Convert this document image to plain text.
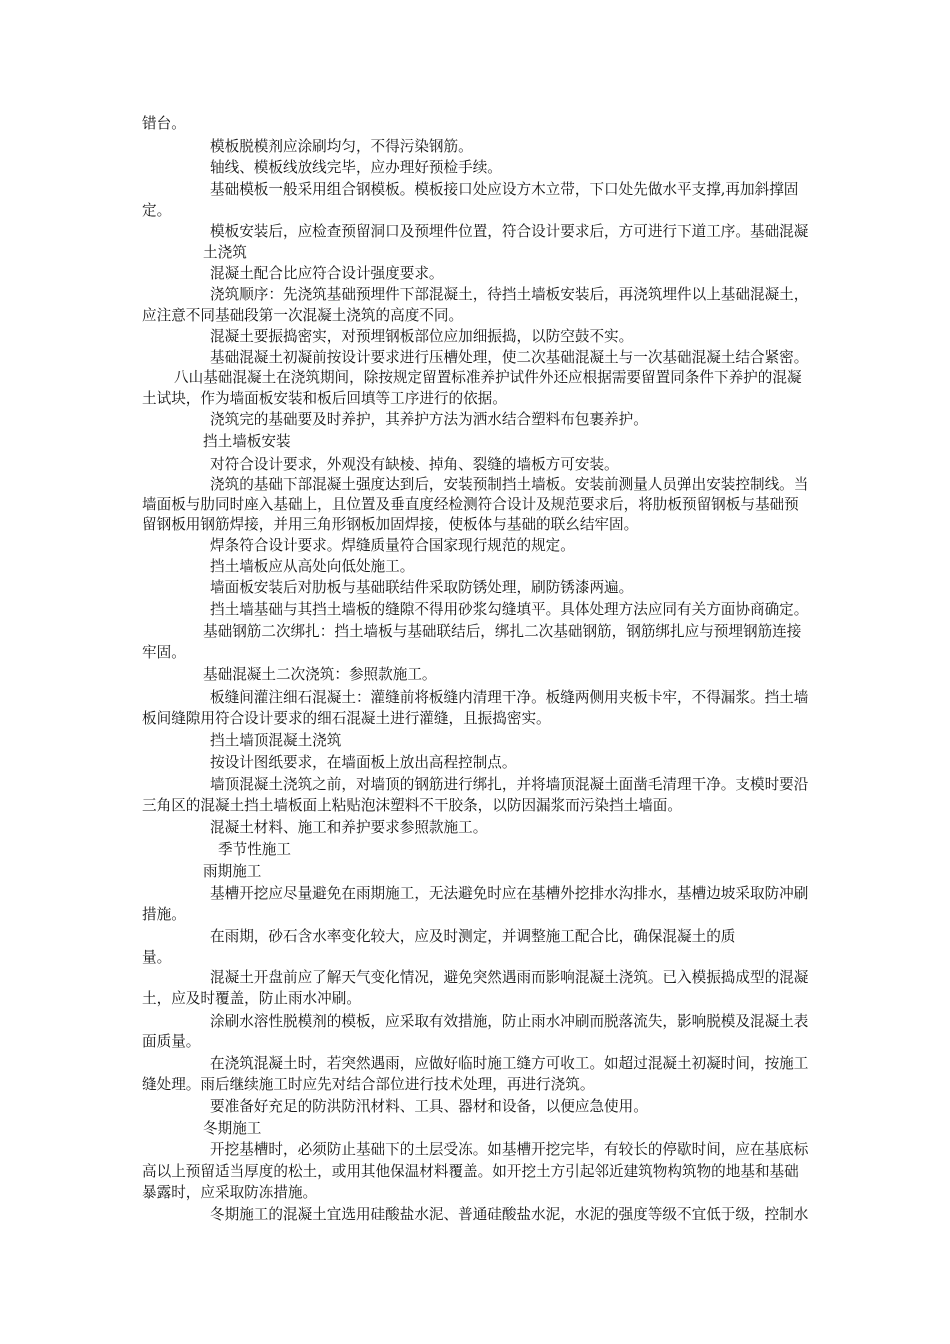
错台。
模板脱模剂应涂刷均匀，不得污染钢筋。
轴线、模板线放线完毕，应办理好预检手续。
基础模板一般采用组合钢模板。模板接口处应设方木立带，下口处先做水平支撑,再加斜撑固
定。
模板安装后，应检查预留洞口及预埋件位置，符合设计要求后，方可进行下道工序。基础混凝
土浇筑
混凝土配合比应符合设计强度要求。
浇筑顺序：先浇筑基础预埋件下部混凝土，待挡土墙板安装后，再浇筑埋件以上基础混凝土，
应注意不同基础段第一次混凝土浇筑的高度不同。
混凝土要振捣密实，对预埋钢板部位应加细振捣，以防空鼓不实。
基础混凝土初凝前按设计要求进行压槽处理，使二次基础混凝土与一次基础混凝土结合紧密。
八山基础混凝土在浇筑期间，除按规定留置标准养护试件外还应根据需要留置同条件下养护的混凝
土试块，作为墙面板安装和板后回填等工序进行的依据。
浇筑完的基础要及时养护，其养护方法为洒水结合塑料布包裹养护。
挡土墙板安装
对符合设计要求，外观没有缺棱、掉角、裂缝的墙板方可安装。
浇筑的基础下部混凝土强度达到后，安装预制挡土墙板。安装前测量人员弹出安装控制线。当
墙面板与肋同时座入基础上，且位置及垂直度经检测符合设计及规范要求后，将肋板预留钢板与基础预
留钢板用钢筋焊接，并用三角形钢板加固焊接，使板体与基础的联幺结牢固。
焊条符合设计要求。焊缝质量符合国家现行规范的规定。
挡土墙板应从高处向低处施工。
墙面板安装后对肋板与基础联结件采取防锈处理，刷防锈漆两遍。
挡土墙基础与其挡土墙板的缝隙不得用砂浆勾缝填平。具体处理方法应同有关方面协商确定。
基础钢筋二次绑扎：挡土墙板与基础联结后，绑扎二次基础钢筋，钢筋绑扎应与预埋钢筋连接
牢固。
基础混凝土二次浇筑：参照款施工。
板缝间灌注细石混凝土：灌缝前将板缝内清理干净。板缝两侧用夹板卡牢，不得漏浆。挡土墙
板间缝隙用符合设计要求的细石混凝土进行灌缝，且振捣密实。
挡土墙顶混凝土浇筑
按设计图纸要求，在墙面板上放出高程控制点。
墙顶混凝土浇筑之前，对墙顶的钢筋进行绑扎，并将墙顶混凝土面凿毛清理干净。支模时要沿
三角区的混凝土挡土墙板面上粘贴泡沫塑料不干胶条，以防因漏浆而污染挡土墙面。
混凝土材料、施工和养护要求参照款施工。
季节性施工
雨期施工
基槽开挖应尽量避免在雨期施工，无法避免时应在基槽外挖排水沟排水，基槽边坡采取防冲刷
措施。
在雨期，砂石含水率变化较大，应及时测定，并调整施工配合比，确保混凝土的质
量。
混凝土开盘前应了解天气变化情况，避免突然遇雨而影响混凝土浇筑。已入模振捣成型的混凝
土，应及时覆盖，防止雨水冲刷。
涂刷水溶性脱模剂的模板，应采取有效措施，防止雨水冲刷而脱落流失，影响脱模及混凝土表
面质量。
在浇筑混凝土时，若突然遇雨，应做好临时施工缝方可收工。如超过混凝土初凝时间，按施工
缝处理。雨后继续施工时应先对结合部位进行技术处理，再进行浇筑。
要准备好充足的防洪防汛材料、工具、器材和设备，以便应急使用。
冬期施工
开挖基槽时，必须防止基础下的土层受冻。如基槽开挖完毕，有较长的停歇时间，应在基底标
高以上预留适当厚度的松土，或用其他保温材料覆盖。如开挖土方引起邻近建筑物构筑物的地基和基础
暴露时，应采取防冻措施。
冬期施工的混凝土宜选用硅酸盐水泥、普通硅酸盐水泥，水泥的强度等级不宜低于级，控制水
